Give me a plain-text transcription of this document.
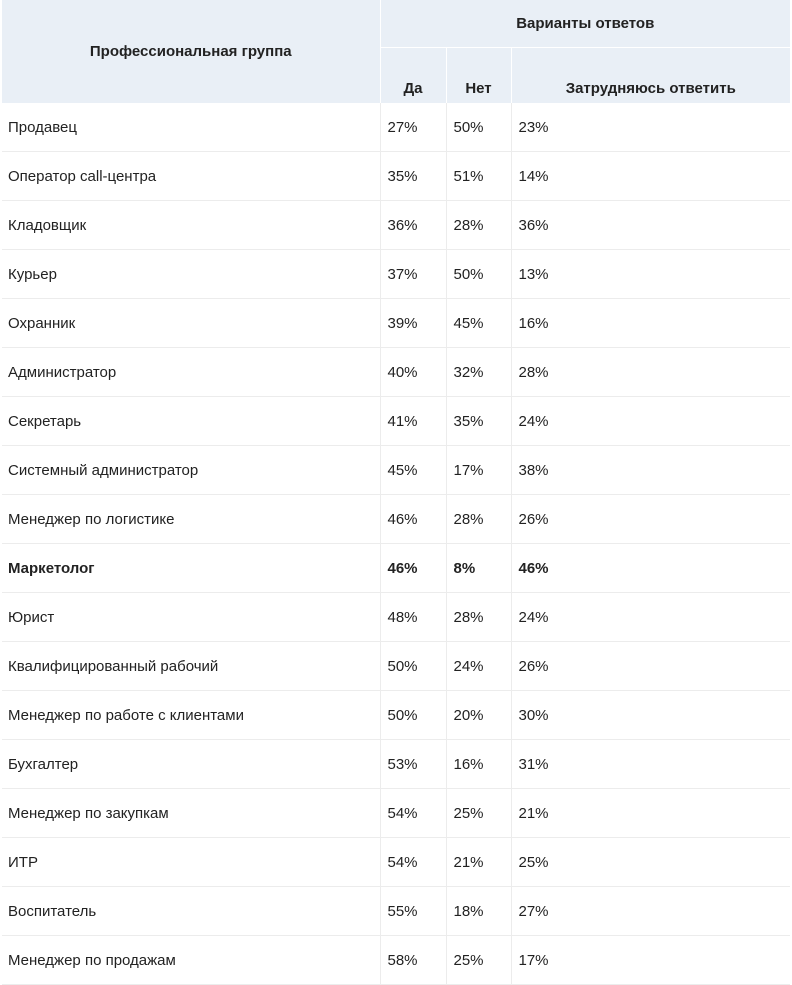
Профессиональная группа	Варианты ответов		
	Да	Нет	Затрудняюсь ответить
Продавец	27%	50%	23%
Оператор call-центра	35%	51%	14%
Кладовщик	36%	28%	36%
Курьер	37%	50%	13%
Охранник	39%	45%	16%
Администратор	40%	32%	28%
Секретарь	41%	35%	24%
Системный администратор	45%	17%	38%
Менеджер по логистике	46%	28%	26%
Маркетолог	46%	8%	46%
Юрист	48%	28%	24%
Квалифицированный рабочий	50%	24%	26%
Менеджер по работе с клиентами	50%	20%	30%
Бухгалтер	53%	16%	31%
Менеджер по закупкам	54%	25%	21%
ИТР	54%	21%	25%
Воспитатель	55%	18%	27%
Менеджер по продажам	58%	25%	17%
